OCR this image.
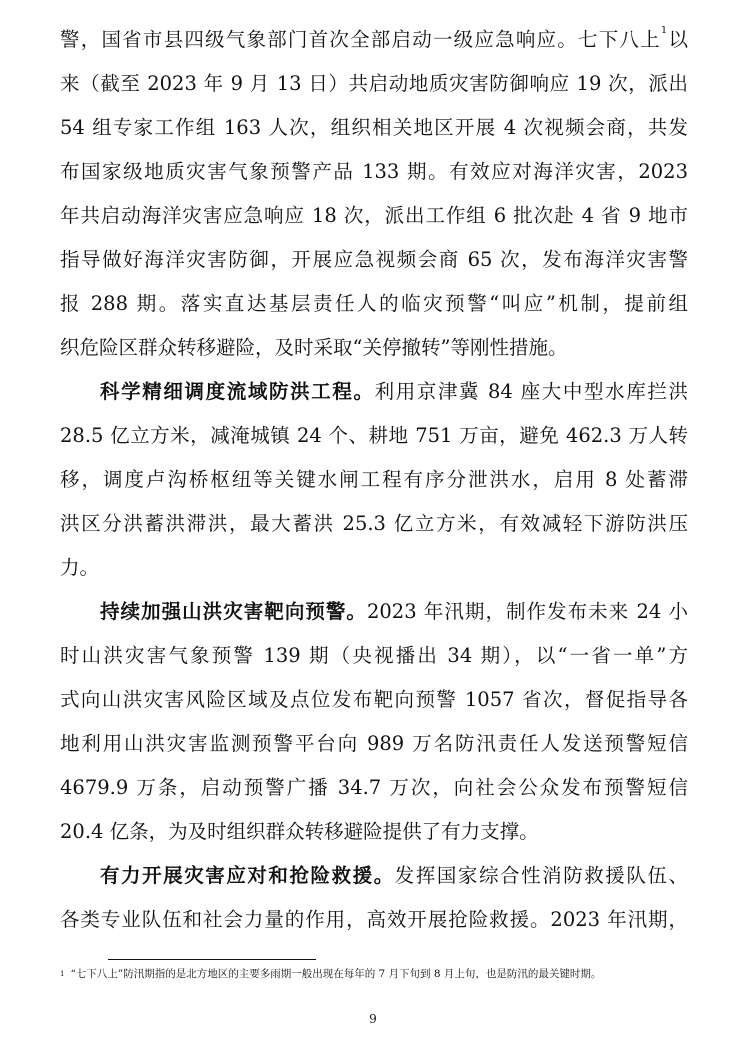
警，国省市县四级气象部门首次全部启动一级应急响应。七下八上$^1$以
来（截至 2023 年 9 月 13 日）共启动地质灾害防御响应 19 次，派出
54 组专家工作组 163 人次，组织相关地区开展 4 次视频会商，共发
布国家级地质灾害气象预警产品 133 期。有效应对海洋灾害，2023
年共启动海洋灾害应急响应 18 次，派出工作组 6 批次赴 4 省 9 地市
指导做好海洋灾害防御，开展应急视频会商 65 次，发布海洋灾害警
报 288 期。落实直达基层责任人的临灾预警“叫应”机制，提前组
织危险区群众转移避险，及时采取“关停撤转”等刚性措施。
科学精细调度流域防洪工程。利用京津冀 84 座大中型水库拦洪
28.5 亿立方米，减淹城镇 24 个、耕地 751 万亩，避免 462.3 万人转
移，调度卢沟桥枢纽等关键水闸工程有序分泄洪水，启用 8 处蓄滞
洪区分洪蓄洪滞洪，最大蓄洪 25.3 亿立方米，有效减轻下游防洪压
力。
持续加强山洪灾害靶向预警。2023 年汛期，制作发布未来 24 小
时山洪灾害气象预警 139 期（央视播出 34 期），以“一省一单”方
式向山洪灾害风险区域及点位发布靶向预警 1057 省次，督促指导各
地利用山洪灾害监测预警平台向 989 万名防汛责任人发送预警短信
4679.9 万条，启动预警广播 34.7 万次，向社会公众发布预警短信
20.4 亿条，为及时组织群众转移避险提供了有力支撑。
有力开展灾害应对和抢险救援。发挥国家综合性消防救援队伍、
各类专业队伍和社会力量的作用，高效开展抢险救援。2023 年汛期，
$^1$ “七下八上”防汛期指的是北方地区的主要多雨期一般出现在每年的 7 月下旬到 8 月上旬，也是防汛的最关键时期。
9
